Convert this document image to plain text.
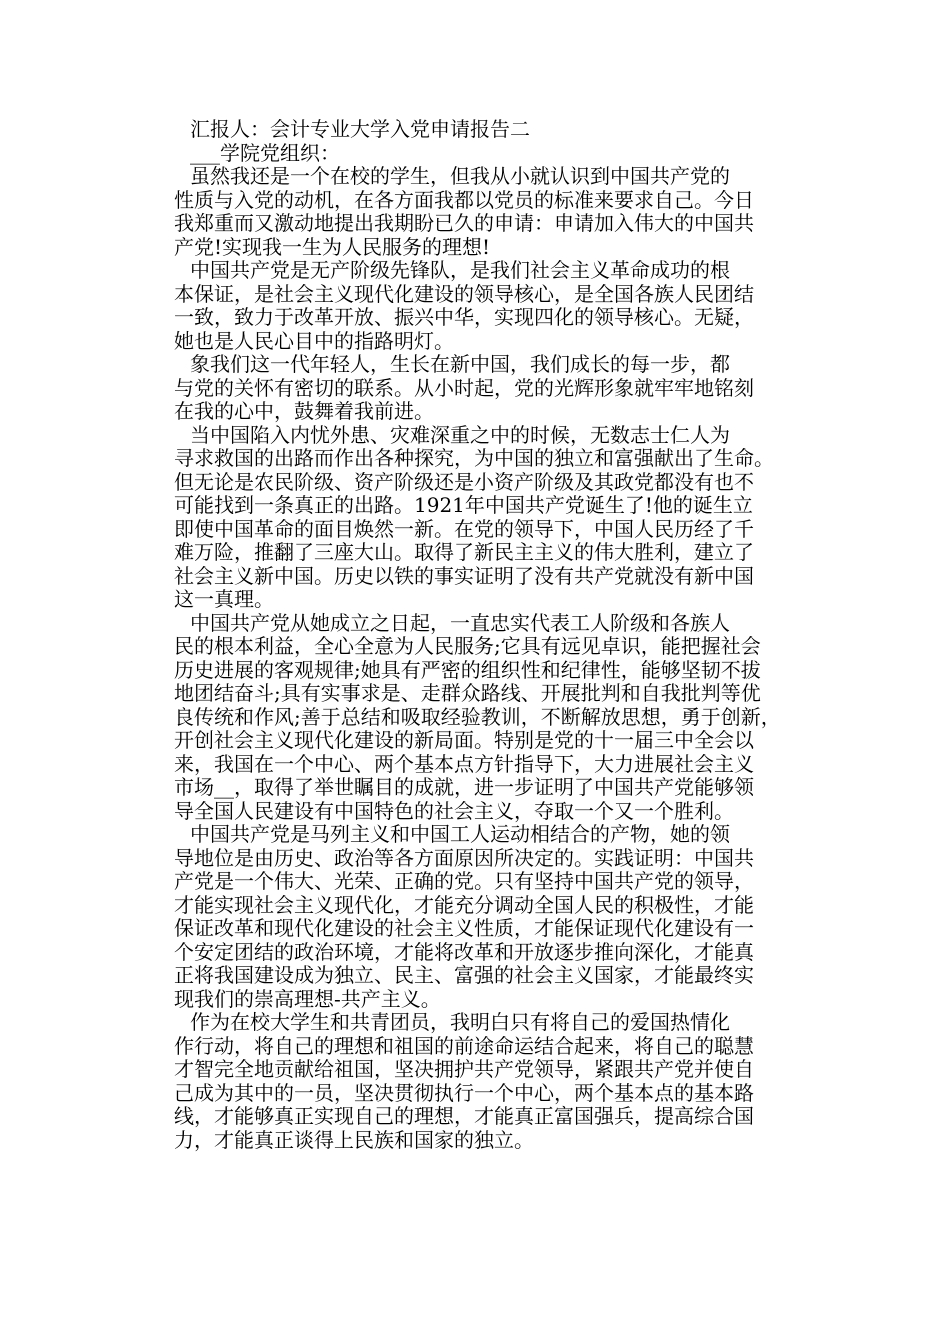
汇报人：会计专业大学入党申请报告二
___学院党组织：
虽然我还是一个在校的学生，但我从小就认识到中国共产党的
性质与入党的动机，在各方面我都以党员的标准来要求自己。今日
我郑重而又激动地提出我期盼已久的申请：申请加入伟大的中国共
产党!实现我一生为人民服务的理想!
中国共产党是无产阶级先锋队，是我们社会主义革命成功的根
本保证，是社会主义现代化建设的领导核心，是全国各族人民团结
一致，致力于改革开放、振兴中华，实现四化的领导核心。无疑，
她也是人民心目中的指路明灯。
象我们这一代年轻人，生长在新中国，我们成长的每一步，都
与党的关怀有密切的联系。从小时起，党的光辉形象就牢牢地铭刻
在我的心中，鼓舞着我前进。
当中国陷入内忧外患、灾难深重之中的时候，无数志士仁人为
寻求救国的出路而作出各种探究，为中国的独立和富强献出了生命。
但无论是农民阶级、资产阶级还是小资产阶级及其政党都没有也不
可能找到一条真正的出路。1921年中国共产党诞生了!他的诞生立
即使中国革命的面目焕然一新。在党的领导下，中国人民历经了千
难万险，推翻了三座大山。取得了新民主主义的伟大胜利，建立了
社会主义新中国。历史以铁的事实证明了没有共产党就没有新中国
这一真理。
中国共产党从她成立之日起，一直忠实代表工人阶级和各族人
民的根本利益，全心全意为人民服务;它具有远见卓识，能把握社会
历史进展的客观规律;她具有严密的组织性和纪律性，能够坚韧不拔
地团结奋斗;具有实事求是、走群众路线、开展批判和自我批判等优
良传统和作风;善于总结和吸取经验教训，不断解放思想，勇于创新，
开创社会主义现代化建设的新局面。特别是党的十一届三中全会以
来，我国在一个中心、两个基本点方针指导下，大力进展社会主义
市场__，取得了举世瞩目的成就，进一步证明了中国共产党能够领
导全国人民建设有中国特色的社会主义，夺取一个又一个胜利。
中国共产党是马列主义和中国工人运动相结合的产物，她的领
导地位是由历史、政治等各方面原因所决定的。实践证明：中国共
产党是一个伟大、光荣、正确的党。只有坚持中国共产党的领导，
才能实现社会主义现代化，才能充分调动全国人民的积极性，才能
保证改革和现代化建设的社会主义性质，才能保证现代化建设有一
个安定团结的政治环境，才能将改革和开放逐步推向深化，才能真
正将我国建设成为独立、民主、富强的社会主义国家，才能最终实
现我们的崇高理想-共产主义。
作为在校大学生和共青团员，我明白只有将自己的爱国热情化
作行动，将自己的理想和祖国的前途命运结合起来，将自己的聪慧
才智完全地贡献给祖国，坚决拥护共产党领导，紧跟共产党并使自
己成为其中的一员，坚决贯彻执行一个中心，两个基本点的基本路
线，才能够真正实现自己的理想，才能真正富国强兵，提高综合国
力，才能真正谈得上民族和国家的独立。
